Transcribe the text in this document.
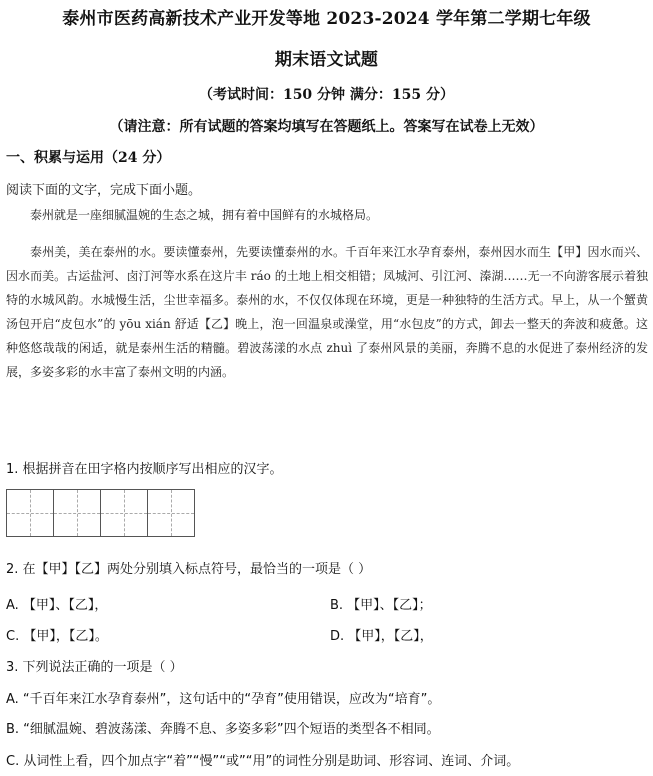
泰州市医药高新技术产业开发等地 2023-2024 学年第二学期七年级
期末语文试题
（考试时间：150 分钟 满分：155 分）
（请注意：所有试题的答案均填写在答题纸上。答案写在试卷上无效）
一、积累与运用（24 分）
阅读下面的文字，完成下面小题。
泰州就是一座细腻温婉的生态之城，拥有着中国鲜有的水城格局。
泰州美，美在泰州的水。要读懂泰州，先要读懂泰州的水。千百年来江水孕育泰州，泰州因水而生【甲】因水而兴、因水而美。古运盐河、卤汀河等水系在这片丰 ráo 的土地上相交相错；凤城河、引江河、溱湖……无一不向游客展示着独特的水城风韵。水城慢生活，尘世幸福多。泰州的水，不仅仅体现在环境，更是一种独特的生活方式。早上，从一个蟹黄汤包开启“皮包水”的 yōu xián 舒适【乙】晚上，泡一回温泉或澡堂，用“水包皮”的方式，卸去一整天的奔波和疲惫。这种悠悠哉哉的闲适，就是泰州生活的精髓。碧波荡漾的水点 zhuì 了泰州风景的美丽，奔腾不息的水促进了泰州经济的发展，多姿多彩的水丰富了泰州文明的内涵。
1. 根据拼音在田字格内按顺序写出相应的汉字。
2. 在【甲】【乙】两处分别填入标点符号，最恰当的一项是（ ）
A. 【甲】、【乙】，	B. 【甲】、【乙】；
C. 【甲】，【乙】。	D. 【甲】，【乙】，
3. 下列说法正确的一项是（ ）
A. “千百年来江水孕育泰州”，这句话中的“孕育”使用错误，应改为“培育”。
B. “细腻温婉、碧波荡漾、奔腾不息、多姿多彩”四个短语的类型各不相同。
C. 从词性上看，四个加点字“着”“慢”“或”“用”的词性分别是助词、形容词、连词、介词。
